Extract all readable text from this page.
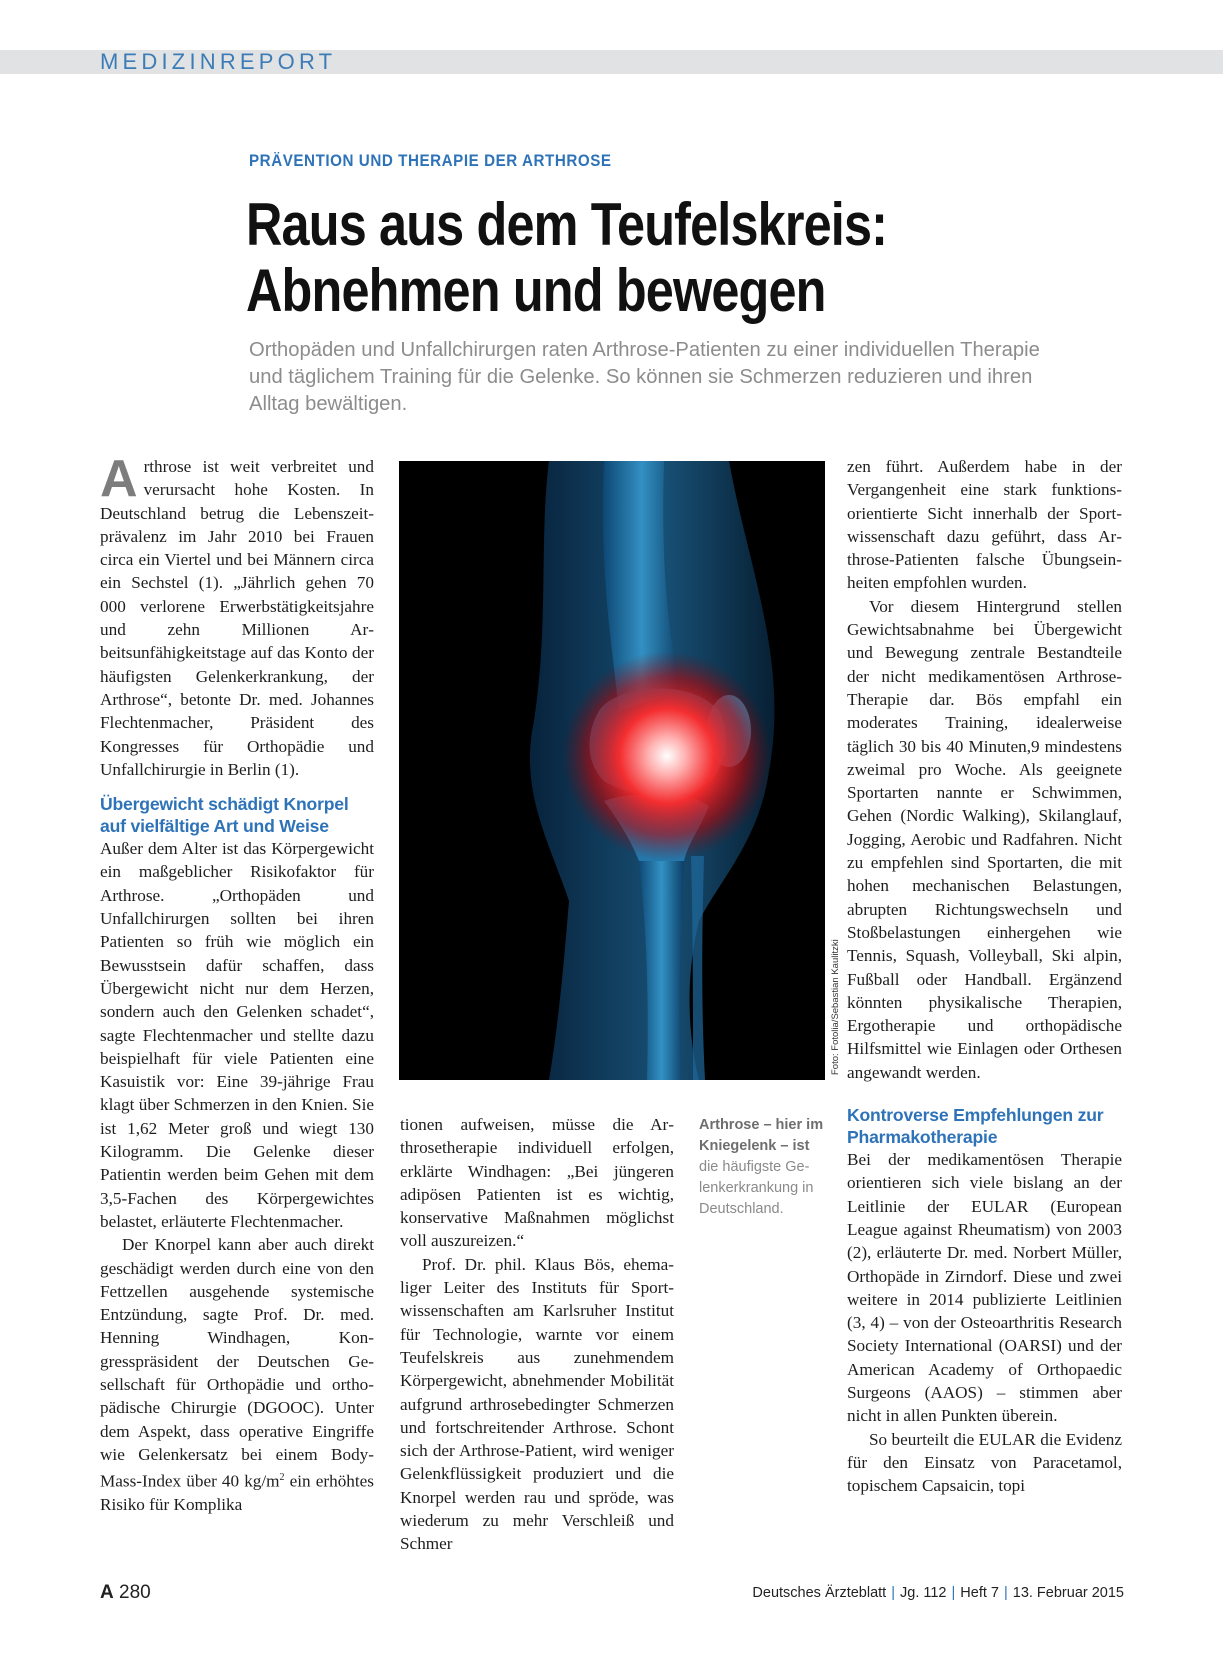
MEDIZINREPORT
PRÄVENTION UND THERAPIE DER ARTHROSE
Raus aus dem Teufelskreis:
Abnehmen und bewegen
Orthopäden und Unfallchirurgen raten Arthrose-Patienten zu einer individuellen Therapie und täglichem Training für die Gelenke. So können sie Schmerzen reduzieren und ihren Alltag bewältigen.

Arthrose ist weit verbreitet und verursacht hohe Kosten. In Deutschland betrug die Lebenszeitprävalenz im Jahr 2010 bei Frauen circa ein Viertel und bei Männern circa ein Sechstel (1). „Jährlich gehen 70 000 verlorene Erwerbstätigkeitsjahre und zehn Millionen Arbeitsunfähigkeitstage auf das Konto der häufigsten Gelenkerkrankung, der Arthrose“, betonte Dr. med. Johannes Flechtenmacher, Präsident des Kongresses für Orthopädie und Unfallchirurgie in Berlin (1).

Übergewicht schädigt Knorpel auf vielfältige Art und Weise

Außer dem Alter ist das Körpergewicht ein maßgeblicher Risikofaktor für Arthrose. „Orthopäden und Unfallchirurgen sollten bei ihren Patienten so früh wie möglich ein Bewusstsein dafür schaffen, dass Übergewicht nicht nur dem Herzen, sondern auch den Gelenken schadet“, sagte Flechtenmacher und stellte dazu beispielhaft für viele Patienten eine Kasuistik vor: Eine 39-jährige Frau klagt über Schmerzen in den Knien. Sie ist 1,62 Meter groß und wiegt 130 Kilogramm. Die Gelenke dieser Patientin werden beim Gehen mit dem 3,5-Fachen des Körpergewichtes belastet, erläuterte Flechtenmacher.

Der Knorpel kann aber auch direkt geschädigt werden durch eine von den Fettzellen ausgehende systemische Entzündung, sagte Prof. Dr. med. Henning Windhagen, Kongresspräsident der Deutschen Gesellschaft für Orthopädie und orthopädische Chirurgie (DGOOC). Unter dem Aspekt, dass operative Eingriffe wie Gelenkersatz bei einem Body-Mass-Index über 40 $kg/m^2$ ein erhöhtes Risiko für Komplika

Foto: Fotolia/Sebastian Kaulitzki
Arthrose – hier im Kniegelenk – ist
die häufigste Gelenkerkrankung in Deutschland.

tionen aufweisen, müsse die Arthrosetherapie individuell erfolgen, erklärte Windhagen: „Bei jüngeren adipösen Patienten ist es wichtig, konservative Maßnahmen möglichst voll auszureizen.“

Prof. Dr. phil. Klaus Bös, ehemaliger Leiter des Instituts für Sportwissenschaften am Karlsruher Institut für Technologie, warnte vor einem Teufelskreis aus zunehmendem Körpergewicht, abnehmender Mobilität aufgrund arthrosebedingter Schmerzen und fortschreitender Arthrose. Schont sich der Arthrose-Patient, wird weniger Gelenkflüssigkeit produziert und die Knorpel werden rau und spröde, was wiederum zu mehr Verschleiß und Schmer

zen führt. Außerdem habe in der Vergangenheit eine stark funktionsorientierte Sicht innerhalb der Sportwissenschaft dazu geführt, dass Arthrose-Patienten falsche Übungseinheiten empfohlen wurden.

Vor diesem Hintergrund stellen Gewichtsabnahme bei Übergewicht und Bewegung zentrale Bestandteile der nicht medikamentösen Arthrose-Therapie dar. Bös empfahl ein moderates Training, idealerweise täglich 30 bis 40 Minuten,9 mindestens zweimal pro Woche. Als geeignete Sportarten nannte er Schwimmen, Gehen (Nordic Walking), Skilanglauf, Jogging, Aerobic und Radfahren. Nicht zu empfehlen sind Sportarten, die mit hohen mechanischen Belastungen, abrupten Richtungswechseln und Stoßbelastungen einhergehen wie Tennis, Squash, Volleyball, Ski alpin, Fußball oder Handball. Ergänzend könnten physikalische Therapien, Ergotherapie und orthopädische Hilfsmittel wie Einlagen oder Orthesen angewandt werden.

Kontroverse Empfehlungen zur Pharmakotherapie

Bei der medikamentösen Therapie orientieren sich viele bislang an der Leitlinie der EULAR (European League against Rheumatism) von 2003 (2), erläuterte Dr. med. Norbert Müller, Orthopäde in Zirndorf. Diese und zwei weitere in 2014 publizierte Leitlinien (3, 4) – von der Osteoarthritis Research Society International (OARSI) und der American Academy of Orthopaedic Surgeons (AAOS) – stimmen aber nicht in allen Punkten überein.

So beurteilt die EULAR die Evidenz für den Einsatz von Paracetamol, topischem Capsaicin, topi

A 280	Deutsches Ärzteblatt | Jg. 112 | Heft 7 | 13. Februar 2015
